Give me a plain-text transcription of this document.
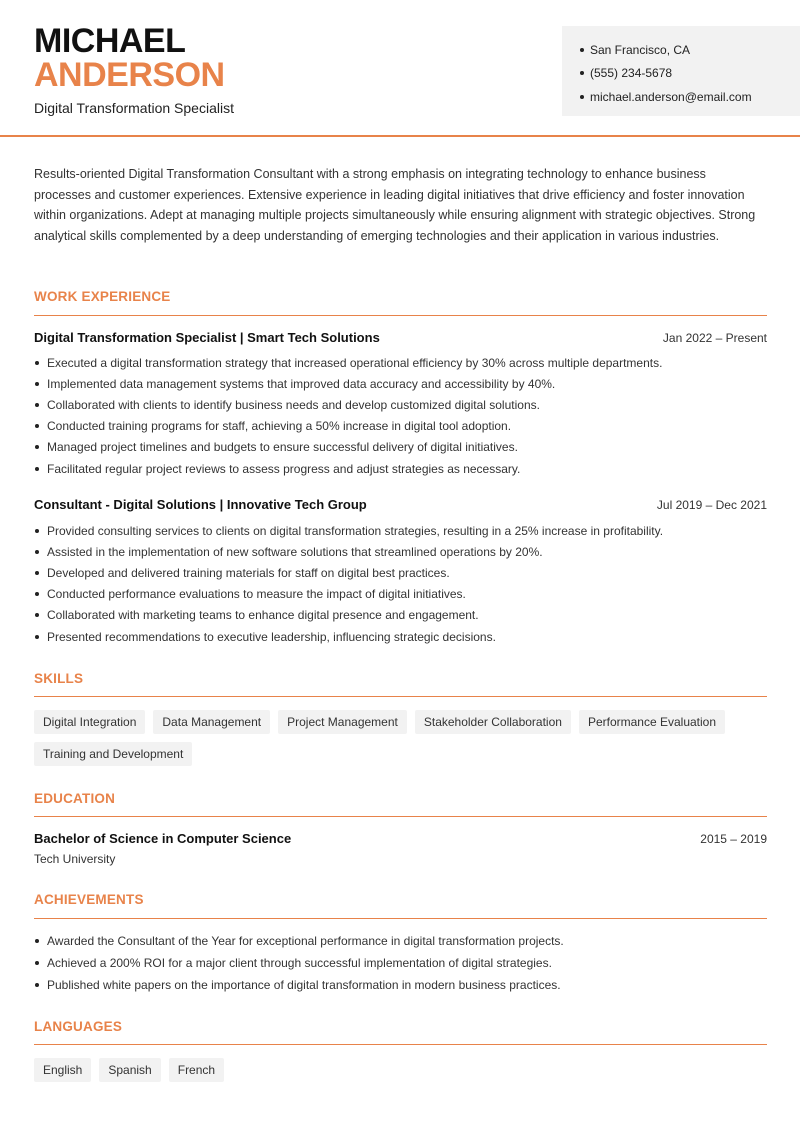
MICHAEL
ANDERSON
Digital Transformation Specialist
San Francisco, CA
(555) 234-5678
michael.anderson@email.com

Results-oriented Digital Transformation Consultant with a strong emphasis on integrating technology to enhance business processes and customer experiences. Extensive experience in leading digital initiatives that drive efficiency and foster innovation within organizations. Adept at managing multiple projects simultaneously while ensuring alignment with strategic objectives. Strong analytical skills complemented by a deep understanding of emerging technologies and their application in various industries.

WORK EXPERIENCE
Digital Transformation Specialist | Smart Tech Solutions	Jan 2022 – Present
Executed a digital transformation strategy that increased operational efficiency by 30% across multiple departments.
Implemented data management systems that improved data accuracy and accessibility by 40%.
Collaborated with clients to identify business needs and develop customized digital solutions.
Conducted training programs for staff, achieving a 50% increase in digital tool adoption.
Managed project timelines and budgets to ensure successful delivery of digital initiatives.
Facilitated regular project reviews to assess progress and adjust strategies as necessary.
Consultant - Digital Solutions | Innovative Tech Group	Jul 2019 – Dec 2021
Provided consulting services to clients on digital transformation strategies, resulting in a 25% increase in profitability.
Assisted in the implementation of new software solutions that streamlined operations by 20%.
Developed and delivered training materials for staff on digital best practices.
Conducted performance evaluations to measure the impact of digital initiatives.
Collaborated with marketing teams to enhance digital presence and engagement.
Presented recommendations to executive leadership, influencing strategic decisions.
SKILLS
Digital Integration	Data Management	Project Management	Stakeholder Collaboration	Performance Evaluation
Training and Development
EDUCATION
Bachelor of Science in Computer Science	2015 – 2019
Tech University
ACHIEVEMENTS
Awarded the Consultant of the Year for exceptional performance in digital transformation projects.
Achieved a 200% ROI for a major client through successful implementation of digital strategies.
Published white papers on the importance of digital transformation in modern business practices.
LANGUAGES
English	Spanish	French
